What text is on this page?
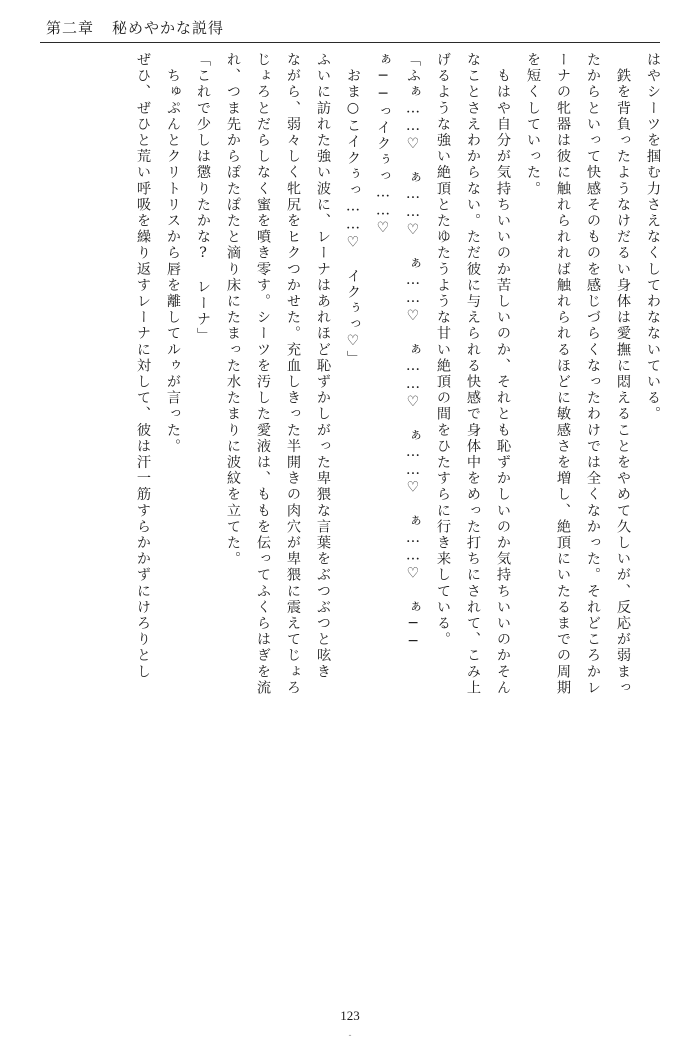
第二章 秘めやかな説得
はやシーツを掴む力さえなくしてわなないている。
　鉄を背負ったようなけだるい身体は愛撫に悶えることをやめて久しいが、反応が弱まっ
たからといって快感そのものを感じづらくなったわけでは全くなかった。それどころかレ
ーナの牝器は彼に触れられれば触れられるほどに敏感さを増し、絶頂にいたるまでの周期
を短くしていった。
　もはや自分が気持ちいいのか苦しいのか、それとも恥ずかしいのか気持ちいいのかそん
なことさえわからない。ただ彼に与えられる快感で身体中をめった打ちにされて、こみ上
げるような強い絶頂とたゆたうような甘い絶頂の間をひたすらに行き来している。
「ふぁ……♡　ぁ……♡　ぁ……♡　ぁ……♡　ぁ……♡　ぁ……♡　ぁ──
ぁ──っイクぅっ……♡
おま○こイクぅっ……♡　イクぅっ♡」
ふいに訪れた強い波に、レーナはあれほど恥ずかしがった卑猥な言葉をぶつぶつと呟き
ながら、弱々しく牝尻をヒクつかせた。充血しきった半開きの肉穴が卑猥に震えてじょろ
じょろとだらしなく蜜を噴き零す。シーツを汚した愛液は、ももを伝ってふくらはぎを流
れ、つま先からぽたぽたと滴り床にたまった水たまりに波紋を立てた。
「これで少しは懲りたかな?　レーナ」
　ちゅぷんとクリトリスから唇を離してルゥが言った。
ぜひ、ぜひと荒い呼吸を繰り返すレーナに対して、彼は汗一筋すらかかずにけろりとし
123
-
